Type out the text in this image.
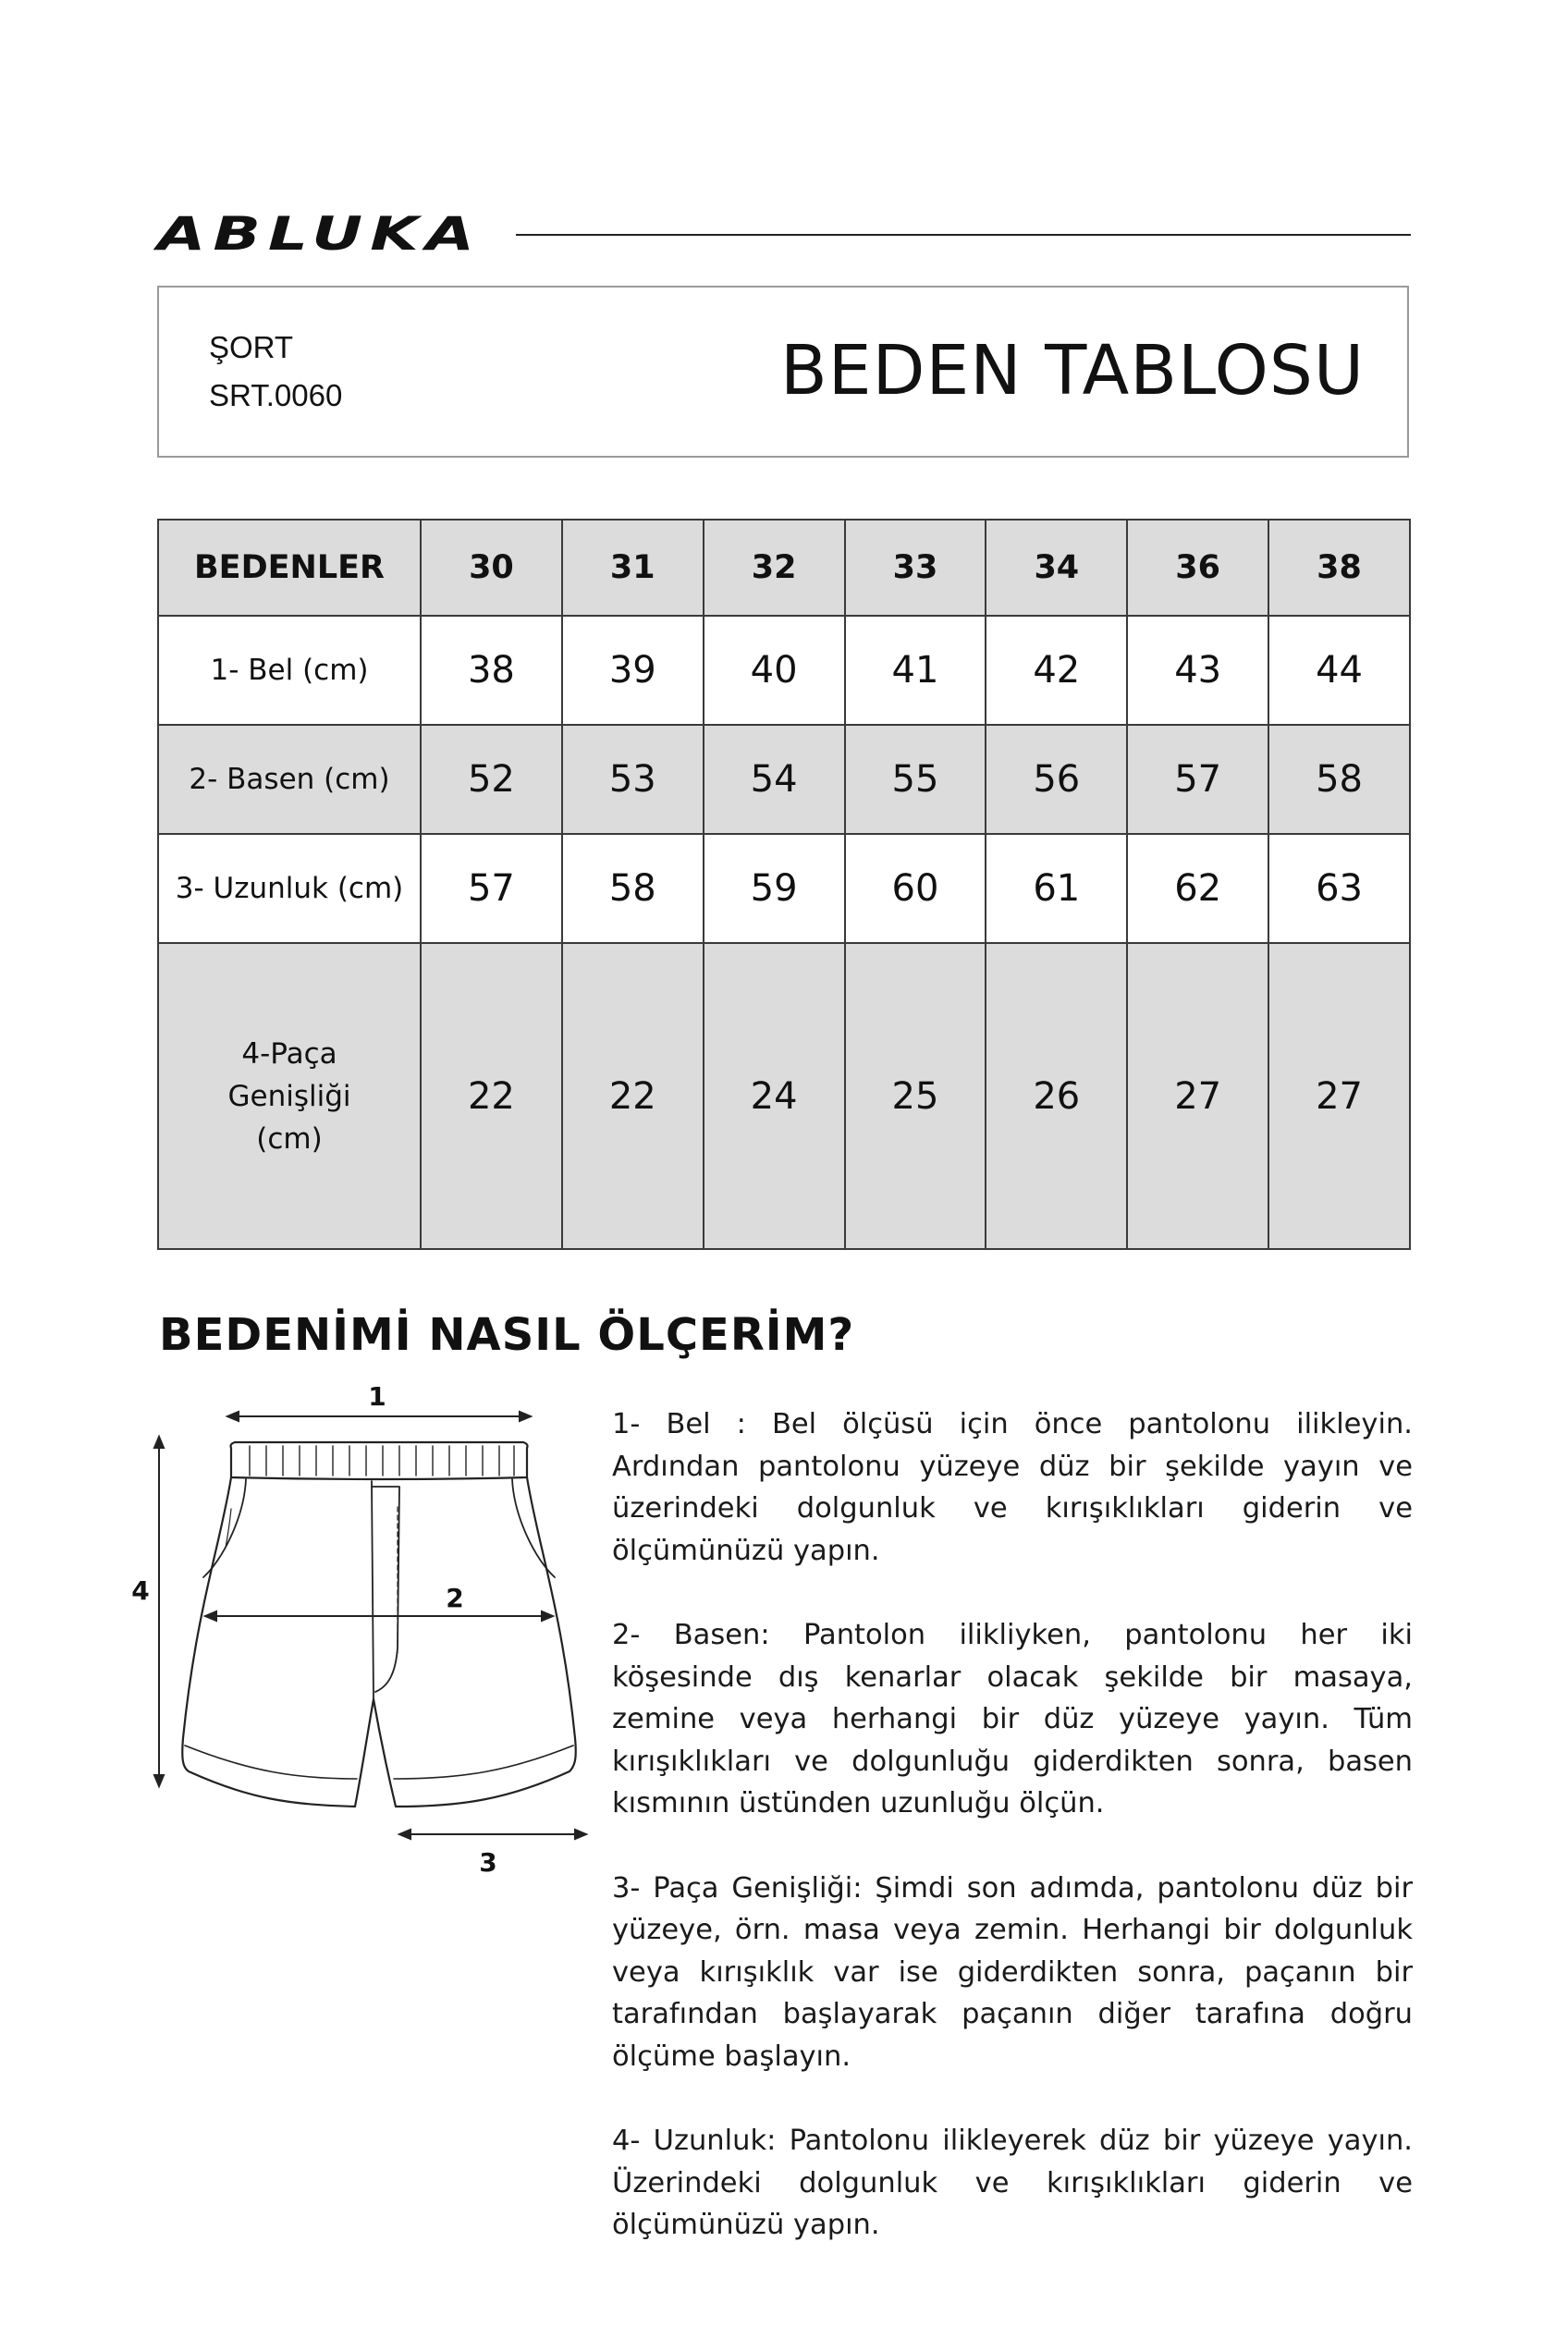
ABLUKA
ŞORT
SRT.0060	BEDEN TABLOSU
BEDENLER	30	31	32	33	34	36	38
1- Bel (cm)	38	39	40	41	42	43	44
2- Basen (cm)	52	53	54	55	56	57	58
3- Uzunluk (cm)	57	58	59	60	61	62	63
4-Paça Genişliği (cm)	22	22	24	25	26	27	27
BEDENİMİ NASIL ÖLÇERİM?
1
2
3
4

1- Bel : Bel ölçüsü için önce pantolonu ilikleyin. Ardından pantolonu yüzeye düz bir şekilde yayın ve üzerindeki dolgunluk ve kırışıklıkları giderin ve ölçümünüzü yapın.

2- Basen: Pantolon ilikliyken, pantolonu her iki köşesinde dış kenarlar olacak şekilde bir masaya, zemine veya herhangi bir düz yüzeye yayın. Tüm kırışıklıkları ve dolgunluğu giderdikten sonra, basen kısmının üstünden uzunluğu ölçün.

3- Paça Genişliği: Şimdi son adımda, pantolonu düz bir yüzeye, örn. masa veya zemin. Herhangi bir dolgunluk veya kırışıklık var ise giderdikten sonra, paçanın bir tarafından başlayarak paçanın diğer tarafına doğru ölçüme başlayın.

4- Uzunluk: Pantolonu ilikleyerek düz bir yüzeye yayın. Üzerindeki dolgunluk ve kırışıklıkları giderin ve ölçümünüzü yapın.
